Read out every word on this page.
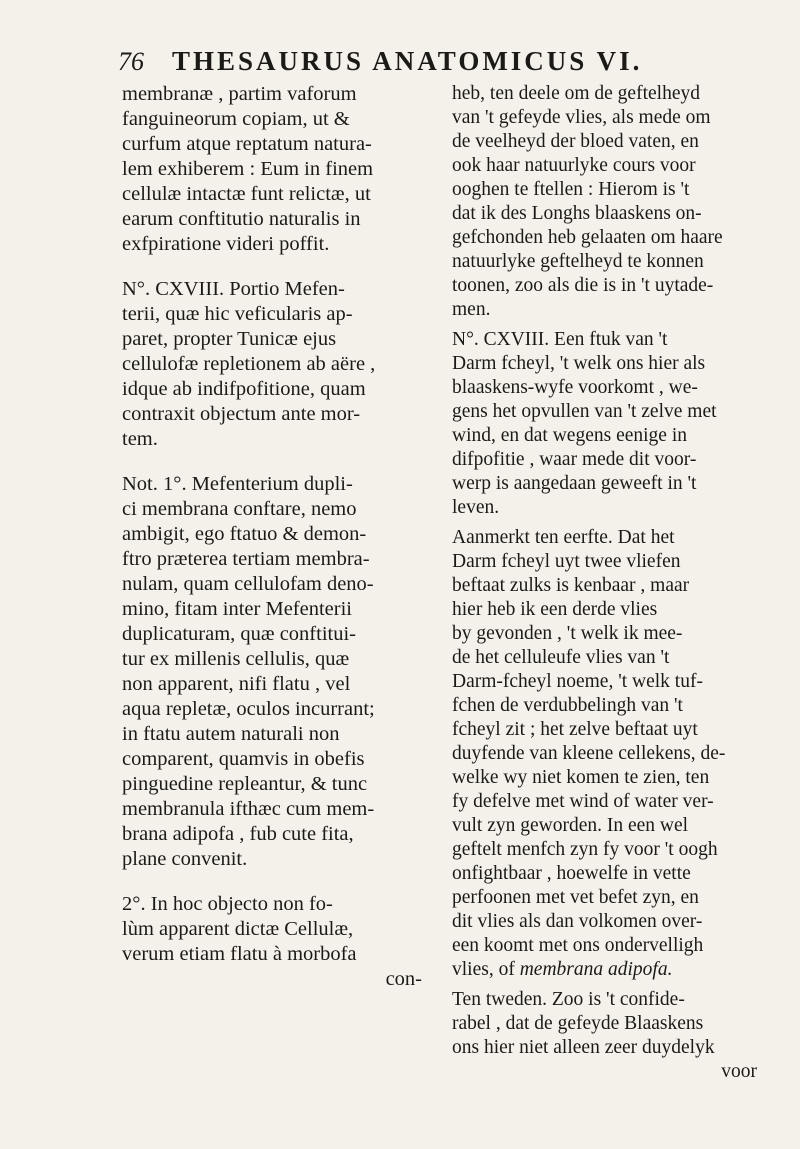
76 THESAURUS ANATOMICUS VI.
membranæ , partim vaforum
fanguineorum copiam, ut &
curfum atque reptatum natura-
lem exhiberem : Eum in finem
cellulæ intactæ funt relictæ, ut
earum conftitutio naturalis in
exfpiratione videri poffit.
N°. CXVIII. Portio Mefen-
terii, quæ hic veficularis ap-
paret, propter Tunicæ ejus
cellulofæ repletionem ab aëre ,
idque ab indifpofitione, quam
contraxit objectum ante mor-
tem.
Not. 1°. Mefenterium dupli-
ci membrana conftare, nemo
ambigit, ego ftatuo & demon-
ftro præterea tertiam membra-
nulam, quam cellulofam deno-
mino, fitam inter Mefenterii
duplicaturam, quæ conftitui-
tur ex millenis cellulis, quæ
non apparent, nifi flatu , vel
aqua repletæ, oculos incurrant;
in ftatu autem naturali non
comparent, quamvis in obefis
pinguedine repleantur, & tunc
membranula ifthæc cum mem-
brana adipofa , fub cute fita,
plane convenit.
2°. In hoc objecto non fo-
lùm apparent dictæ Cellulæ,
verum etiam flatu à morbofa
con-
heb, ten deele om de geftelheyd
van 't gefeyde vlies, als mede om
de veelheyd der bloed vaten, en
ook haar natuurlyke cours voor
ooghen te ftellen : Hierom is 't
dat ik des Longhs blaaskens on-
gefchonden heb gelaaten om haare
natuurlyke geftelheyd te konnen
toonen, zoo als die is in 't uytade-
men.
N°. CXVIII. Een ftuk van 't
Darm fcheyl, 't welk ons hier als
blaaskens-wyfe voorkomt , we-
gens het opvullen van 't zelve met
wind, en dat wegens eenige in
difpofitie , waar mede dit voor-
werp is aangedaan geweeft in 't
leven.
Aanmerkt ten eerfte. Dat het
Darm fcheyl uyt twee vliefen
beftaat zulks is kenbaar , maar
hier heb ik een derde vlies
by gevonden , 't welk ik mee-
de het celluleufe vlies van 't
Darm-fcheyl noeme, 't welk tuf-
fchen de verdubbelingh van 't
fcheyl zit ; het zelve beftaat uyt
duyfende van kleene cellekens, de-
welke wy niet komen te zien, ten
fy defelve met wind of water ver-
vult zyn geworden. In een wel
geftelt menfch zyn fy voor 't oogh
onfightbaar , hoewelfe in vette
perfoonen met vet befet zyn, en
dit vlies als dan volkomen over-
een koomt met ons ondervelligh
vlies, of membrana adipofa.
Ten tweden. Zoo is 't confide-
rabel , dat de gefeyde Blaaskens
ons hier niet alleen zeer duydelyk
voor
